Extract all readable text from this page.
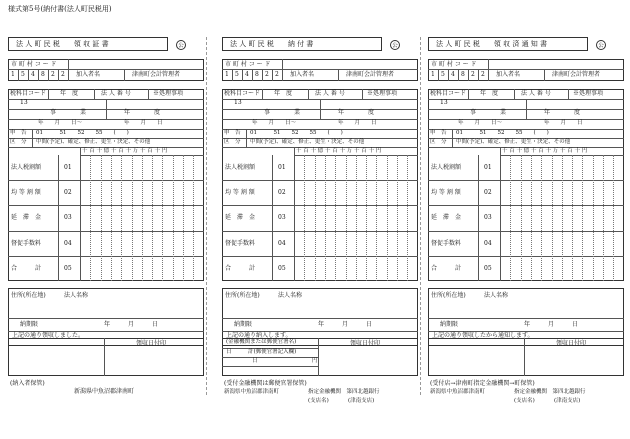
様式第5号(納付書(法人町民税用)
法 人 町 民 税　　領 収 証 書	公
市 町 村 コ ー ド
1 5 4 8 2 2 加入者名	津南町会計管理者
税科目コード 年　度	法 人 番 号	※処理事項
13
事	業	年	度
年　　月　　日～	年　　月　　日
申　告 01　　　51　　52　　55　　(　　)
区　分 中間(予定)、確定、修正、更生・決定、その他
千 百 十 億 千 百 十 万 千 百 十 円
法人税割額	01
均 等 割 額	02
延　滞　金	03
督促手数料	04
合　　　計	05
住所(所在地)	法人名称
納期限	年　　　月　　　日
上記の通り領収しました。
領収日付印
(納入者保管)
新潟県中魚沼郡津南町
法 人 町 民 税　　納 付 書	公
市 町 村 コ ー ド
1 5 4 8 2 2 加入者名	津南町会計管理者
税科目コード 年　度	法 人 番 号	※処理事項
13
事	業	年	度
年　　月　　日～	年　　月　　日
申　告 01　　　51　　52　　55　　(　　)
区　分 中間(予定)、確定、修正、更生・決定、その他
千 百 十 億 千 百 十 万 千 百 十 円
法人税割額	01
均 等 割 額	02
延　滞　金	03
督促手数料	04
合　　　計	05
住所(所在地)	法人名称
納期限	年　　　月　　　日
上記の通り納入します。
(金融機関または郵便官署名)
日　　　計(郵便官署記入欄)
日	円
領収日付印
(受付金融機関は郵便官署保管)
新潟県中魚沼郡津南町	指定金融機関　第四北越銀行
(支店名)	(津南支店)
法 人 町 民 税　　領 収 済 通 知 書	公
市 町 村 コ ー ド
1 5 4 8 2 2 加入者名	津南町会計管理者
税科目コード 年　度	法 人 番 号	※処理事項
13
事	業	年	度
年　　月　　日～	年　　月　　日
申　告 01　　　51　　52　　55　　(　　)
区　分 中間(予定)、確定、修正、更生・決定、その他
千 百 十 億 千 百 十 万 千 百 十 円
法人税割額	01
均 等 割 額	02
延　滞　金	03
督促手数料	04
合　　　計	05
住所(所在地)	法人名称
納期限	年　　　月　　　日
上記の通り領収したから通知します。
領収日付印
(受付店→津南町指定金融機関→町保管)
新潟県中魚沼郡津南町	指定金融機関　第四北越銀行
(支店名)	(津南支店)
